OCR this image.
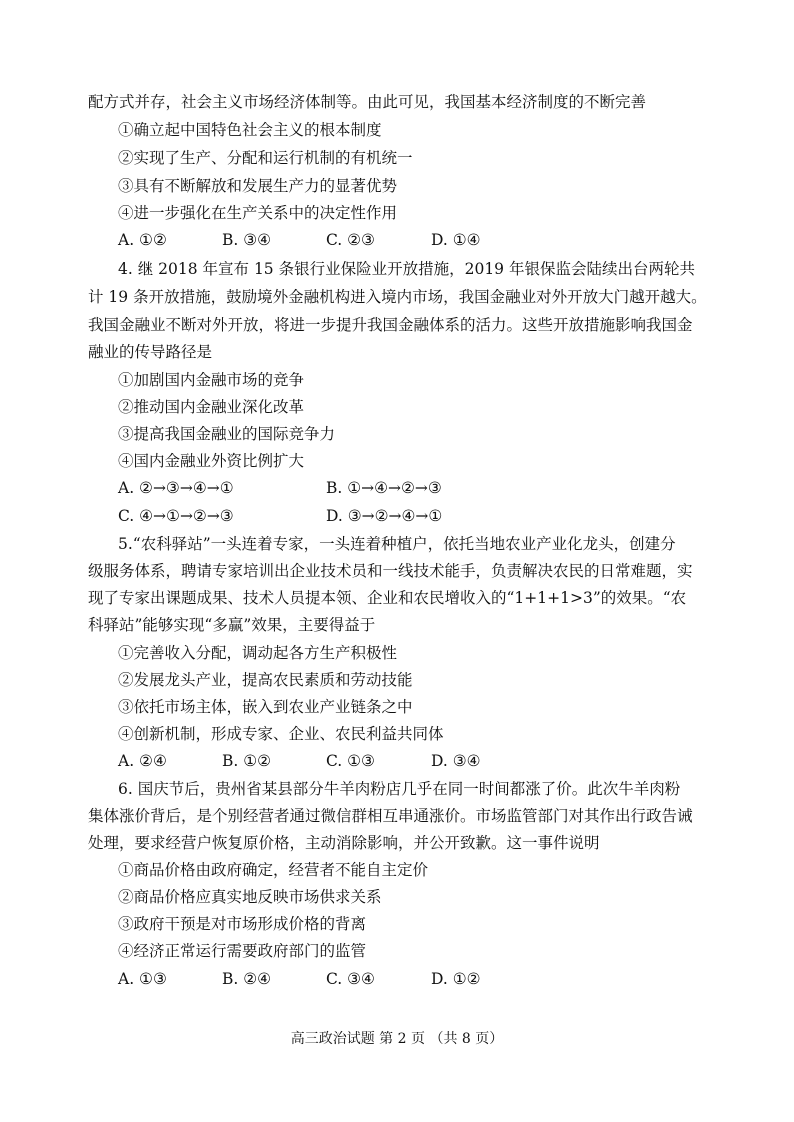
配方式并存，社会主义市场经济体制等。由此可见，我国基本经济制度的不断完善
①确立起中国特色社会主义的根本制度
②实现了生产、分配和运行机制的有机统一
③具有不断解放和发展生产力的显著优势
④进一步强化在生产关系中的决定性作用
A. ①②	B. ③④	C. ②③	D. ①④
4. 继 2018 年宣布 15 条银行业保险业开放措施，2019 年银保监会陆续出台两轮共
计 19 条开放措施，鼓励境外金融机构进入境内市场，我国金融业对外开放大门越开越大。
我国金融业不断对外开放，将进一步提升我国金融体系的活力。这些开放措施影响我国金
融业的传导路径是
①加剧国内金融市场的竞争
②推动国内金融业深化改革
③提高我国金融业的国际竞争力
④国内金融业外资比例扩大
A. ②→③→④→①	B. ①→④→②→③
C. ④→①→②→③	D. ③→②→④→①
5.“农科驿站”一头连着专家，一头连着种植户，依托当地农业产业化龙头，创建分
级服务体系，聘请专家培训出企业技术员和一线技术能手，负责解决农民的日常难题，实
现了专家出课题成果、技术人员提本领、企业和农民增收入的“1+1+1>3”的效果。“农
科驿站”能够实现“多赢”效果，主要得益于
①完善收入分配，调动起各方生产积极性
②发展龙头产业，提高农民素质和劳动技能
③依托市场主体，嵌入到农业产业链条之中
④创新机制，形成专家、企业、农民利益共同体
A. ②④	B. ①②	C. ①③	D. ③④
6. 国庆节后，贵州省某县部分牛羊肉粉店几乎在同一时间都涨了价。此次牛羊肉粉
集体涨价背后，是个别经营者通过微信群相互串通涨价。市场监管部门对其作出行政告诫
处理，要求经营户恢复原价格，主动消除影响，并公开致歉。这一事件说明
①商品价格由政府确定，经营者不能自主定价
②商品价格应真实地反映市场供求关系
③政府干预是对市场形成价格的背离
④经济正常运行需要政府部门的监管
A. ①③	B. ②④	C. ③④	D. ①②
高三政治试题 第 2 页 （共 8 页）
